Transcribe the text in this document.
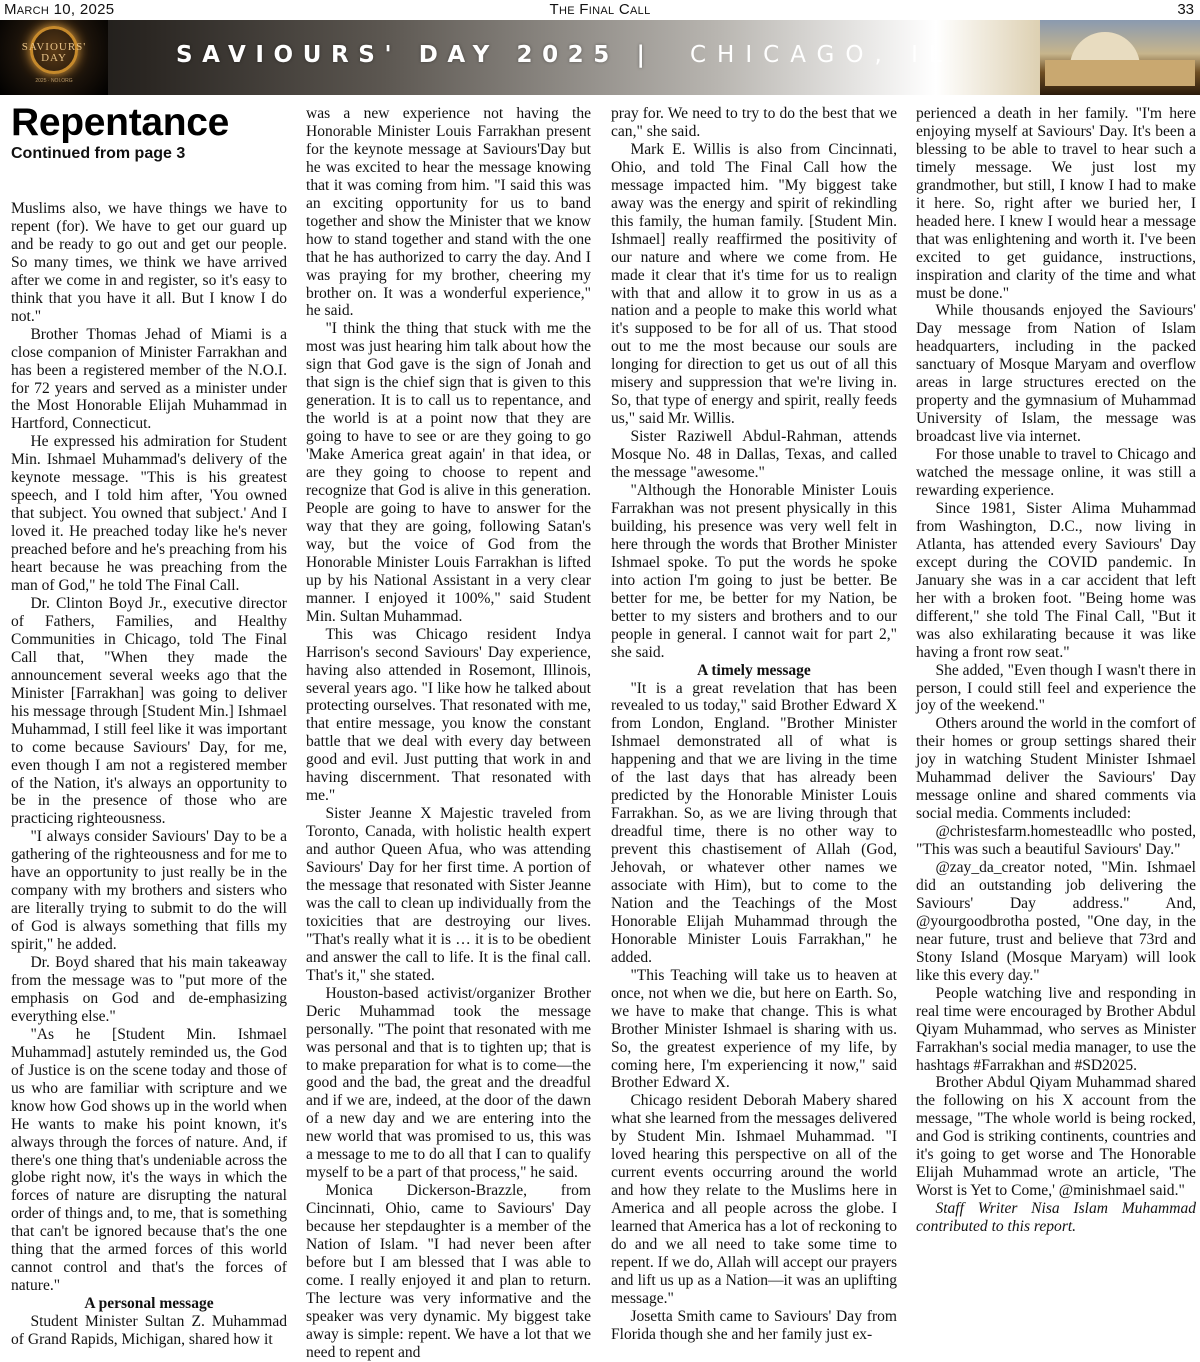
March 10, 2025	The Final Call	33
SAVIOURS'
DAY
2025 · NOI.ORG
SAVIOURS' DAY 2025 | CHICAGO, IL
Repentance
Continued from page 3

Muslims also, we have things we have to repent (for). We have to get our guard up and be ready to go out and get our people. So many times, we think we have arrived after we come in and register, so it's easy to think that you have it all. But I know I do not."

Brother Thomas Jehad of Miami is a close companion of Minister Farrakhan and has been a registered member of the N.O.I. for 72 years and served as a minister under the Most Honorable Elijah Muhammad in Hartford, Connecticut.

He expressed his admiration for Student Min. Ishmael Muhammad's delivery of the keynote message. "This is his greatest speech, and I told him after, 'You owned that subject. You owned that subject.' And I loved it. He preached today like he's never preached before and he's preaching from his heart because he was preaching from the man of God," he told The Final Call.

Dr. Clinton Boyd Jr., executive director of Fathers, Families, and Healthy Communities in Chicago, told The Final Call that, "When they made the announcement several weeks ago that the Minister [Farrakhan] was going to deliver his message through [Student Min.] Ishmael Muhammad, I still feel like it was important to come because Saviours' Day, for me, even though I am not a registered member of the Nation, it's always an opportunity to be in the presence of those who are practicing righteousness.

"I always consider Saviours' Day to be a gathering of the righteousness and for me to have an opportunity to just really be in the company with my brothers and sisters who are literally trying to submit to do the will of God is always something that fills my spirit," he added.

Dr. Boyd shared that his main takeaway from the message was to "put more of the emphasis on God and de-emphasizing everything else."

"As he [Student Min. Ishmael Muhammad] astutely reminded us, the God of Justice is on the scene today and those of us who are familiar with scripture and we know how God shows up in the world when He wants to make his point known, it's always through the forces of nature. And, if there's one thing that's undeniable across the globe right now, it's the ways in which the forces of nature are disrupting the natural order of things and, to me, that is something that can't be ignored because that's the one thing that the armed forces of this world cannot control and that's the forces of nature."

A personal message

Student Minister Sultan Z. Muhammad of Grand Rapids, Michigan, shared how it

was a new experience not having the Honorable Minister Louis Farrakhan present for the keynote message at Saviours'Day but he was excited to hear the message knowing that it was coming from him. "I said this was an exciting opportunity for us to band together and show the Minister that we know how to stand together and stand with the one that he has authorized to carry the day. And I was praying for my brother, cheering my brother on. It was a wonderful experience," he said.

"I think the thing that stuck with me the most was just hearing him talk about how the sign that God gave is the sign of Jonah and that sign is the chief sign that is given to this generation. It is to call us to repentance, and the world is at a point now that they are going to have to see or are they going to go 'Make America great again' in that idea, or are they going to choose to repent and recognize that God is alive in this generation. People are going to have to answer for the way that they are going, following Satan's way, but the voice of God from the Honorable Minister Louis Farrakhan is lifted up by his National Assistant in a very clear manner. I enjoyed it 100%," said Student Min. Sultan Muhammad.

This was Chicago resident Indya Harrison's second Saviours' Day experience, having also attended in Rosemont, Illinois, several years ago. "I like how he talked about protecting ourselves. That resonated with me, that entire message, you know the constant battle that we deal with every day between good and evil. Just putting that work in and having discernment. That resonated with me."

Sister Jeanne X Majestic traveled from Toronto, Canada, with holistic health expert and author Queen Afua, who was attending Saviours' Day for her first time. A portion of the message that resonated with Sister Jeanne was the call to clean up individually from the toxicities that are destroying our lives. "That's really what it is … it is to be obedient and answer the call to life. It is the final call. That's it," she stated.

Houston-based activist/organizer Brother Deric Muhammad took the message personally. "The point that resonated with me was personal and that is to tighten up; that is to make preparation for what is to come—the good and the bad, the great and the dreadful and if we are, indeed, at the door of the dawn of a new day and we are entering into the new world that was promised to us, this was a message to me to do all that I can to qualify myself to be a part of that process," he said.

Monica Dickerson-Brazzle, from Cincinnati, Ohio, came to Saviours' Day because her stepdaughter is a member of the Nation of Islam. "I had never been after before but I am blessed that I was able to come. I really enjoyed it and plan to return. The lecture was very informative and the speaker was very dynamic. My biggest take away is simple: repent. We have a lot that we need to repent and

pray for. We need to try to do the best that we can," she said.

Mark E. Willis is also from Cincinnati, Ohio, and told The Final Call how the message impacted him. "My biggest take away was the energy and spirit of rekindling this family, the human family. [Student Min. Ishmael] really reaffirmed the positivity of our nature and where we come from. He made it clear that it's time for us to realign with that and allow it to grow in us as a nation and a people to make this world what it's supposed to be for all of us. That stood out to me the most because our souls are longing for direction to get us out of all this misery and suppression that we're living in. So, that type of energy and spirit, really feeds us," said Mr. Willis.

Sister Raziwell Abdul-Rahman, attends Mosque No. 48 in Dallas, Texas, and called the message "awesome."

"Although the Honorable Minister Louis Farrakhan was not present physically in this building, his presence was very well felt in here through the words that Brother Minister Ishmael spoke. To put the words he spoke into action I'm going to just be better. Be better for me, be better for my Nation, be better to my sisters and brothers and to our people in general. I cannot wait for part 2," she said.

A timely message

"It is a great revelation that has been revealed to us today," said Brother Edward X from London, England. "Brother Minister Ishmael demonstrated all of what is happening and that we are living in the time of the last days that has already been predicted by the Honorable Minister Louis Farrakhan. So, as we are living through that dreadful time, there is no other way to prevent this chastisement of Allah (God, Jehovah, or whatever other names we associate with Him), but to come to the Nation and the Teachings of the Most Honorable Elijah Muhammad through the Honorable Minister Louis Farrakhan," he added.

"This Teaching will take us to heaven at once, not when we die, but here on Earth. So, we have to make that change. This is what Brother Minister Ishmael is sharing with us. So, the greatest experience of my life, by coming here, I'm experiencing it now," said Brother Edward X.

Chicago resident Deborah Mabery shared what she learned from the messages delivered by Student Min. Ishmael Muhammad. "I loved hearing this perspective on all of the current events occurring around the world and how they relate to the Muslims here in America and all people across the globe. I learned that America has a lot of reckoning to do and we all need to take some time to repent. If we do, Allah will accept our prayers and lift us up as a Nation—it was an uplifting message."

Josetta Smith came to Saviours' Day from Florida though she and her family just ex-

perienced a death in her family. "I'm here enjoying myself at Saviours' Day. It's been a blessing to be able to travel to hear such a timely message. We just lost my grandmother, but still, I know I had to make it here. So, right after we buried her, I headed here. I knew I would hear a message that was enlightening and worth it. I've been excited to get guidance, instructions, inspiration and clarity of the time and what must be done."

While thousands enjoyed the Saviours' Day message from Nation of Islam headquarters, including in the packed sanctuary of Mosque Maryam and overflow areas in large structures erected on the property and the gymnasium of Muhammad University of Islam, the message was broadcast live via internet.

For those unable to travel to Chicago and watched the message online, it was still a rewarding experience.

Since 1981, Sister Alima Muhammad from Washington, D.C., now living in Atlanta, has attended every Saviours' Day except during the COVID pandemic. In January she was in a car accident that left her with a broken foot. "Being home was different," she told The Final Call, "But it was also exhilarating because it was like having a front row seat."

She added, "Even though I wasn't there in person, I could still feel and experience the joy of the weekend."

Others around the world in the comfort of their homes or group settings shared their joy in watching Student Minister Ishmael Muhammad deliver the Saviours' Day message online and shared comments via social media. Comments included:

@christesfarm.homesteadllc who posted, "This was such a beautiful Saviours' Day."

@zay_da_creator noted, "Min. Ishmael did an outstanding job delivering the Saviours' Day address." And, @yourgoodbrotha posted, "One day, in the near future, trust and believe that 73rd and Stony Island (Mosque Maryam) will look like this every day."

People watching live and responding in real time were encouraged by Brother Abdul Qiyam Muhammad, who serves as Minister Farrakhan's social media manager, to use the hashtags #Farrakhan and #SD2025.

Brother Abdul Qiyam Muhammad shared the following on his X account from the message, "The whole world is being rocked, and God is striking continents, countries and it's going to get worse and The Honorable Elijah Muhammad wrote an article, 'The Worst is Yet to Come,' @minishmael said."

Staff Writer Nisa Islam Muhammad contributed to this report.
